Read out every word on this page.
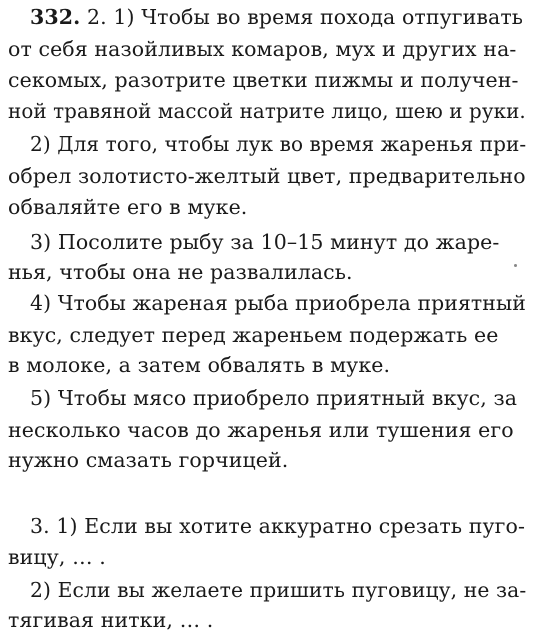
332. 2. 1) Чтобы во время похода отпугивать
от себя назойливых комаров, мух и других на-
секомых, разотрите цветки пижмы и получен-
ной травяной массой натрите лицо, шею и руки.
2) Для того, чтобы лук во время жаренья при-
обрел золотисто-желтый цвет, предварительно
обваляйте его в муке.
3) Посолите рыбу за 10–15 минут до жаре-
нья, чтобы она не развалилась.
4) Чтобы жареная рыба приобрела приятный
вкус, следует перед жареньем подержать ее
в молоке, а затем обвалять в муке.
5) Чтобы мясо приобрело приятный вкус, за
несколько часов до жаренья или тушения его
нужно смазать горчицей.
3. 1) Если вы хотите аккуратно срезать пуго-
вицу, … .
2) Если вы желаете пришить пуговицу, не за-
тягивая нитки, … .
